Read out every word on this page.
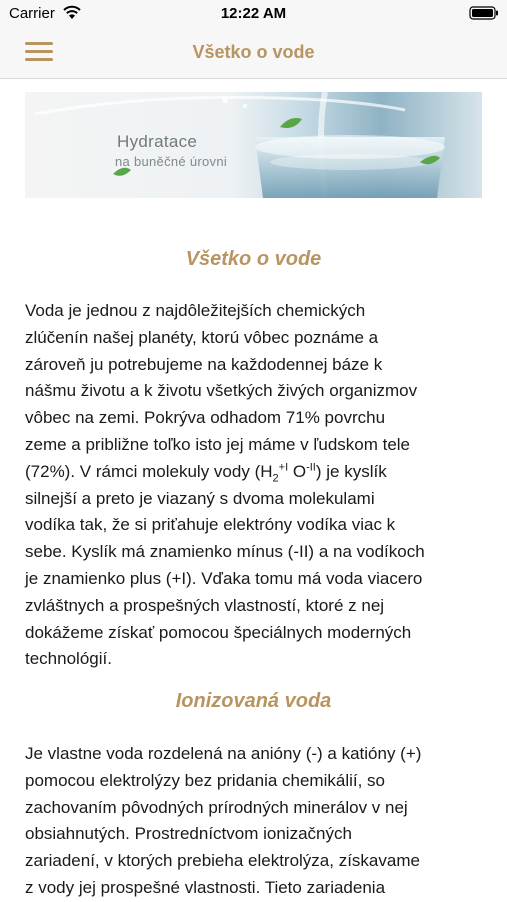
Carrier	12:22 AM
Všetko o vode
Hydratace
na buněčné úrovni
Všetko o vode
Voda je jednou z najdôležitejších chemických
zlúčenín našej planéty, ktorú vôbec poznáme a
zároveň ju potrebujeme na každodennej báze k
nášmu životu a k životu všetkých živých organizmov
vôbec na zemi. Pokrýva odhadom 71% povrchu
zeme a približne toľko isto jej máme v ľudskom tele
(72%). V rámci molekuly vody ($H_2^{+I}$ $O^{-II}$) je kyslík
silnejší a preto je viazaný s dvoma molekulami
vodíka tak, že si priťahuje elektróny vodíka viac k
sebe. Kyslík má znamienko mínus (-II) a na vodíkoch
je znamienko plus (+I). Vďaka tomu má voda viacero
zvláštnych a prospešných vlastností, ktoré z nej
dokážeme získať pomocou špeciálnych moderných
technológií.
Ionizovaná voda
Je vlastne voda rozdelená na anióny (-) a katióny (+)
pomocou elektrolýzy bez pridania chemikálií, so
zachovaním pôvodných prírodných minerálov v nej
obsiahnutých. Prostredníctvom ionizačných
zariadení, v ktorých prebieha elektrolýza, získavame
z vody jej prospešné vlastnosti. Tieto zariadenia
